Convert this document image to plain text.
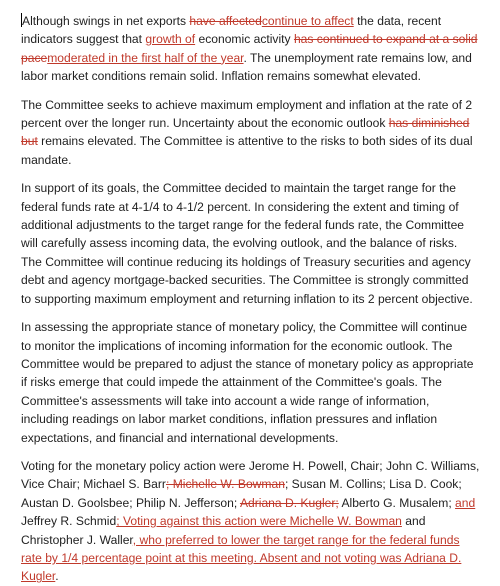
Although swings in net exports have affectedcontinue to affect the data, recent indicators suggest that growth of economic activity has continued to expand at a solid pacemoderated in the first half of the year. The unemployment rate remains low, and labor market conditions remain solid. Inflation remains somewhat elevated.

The Committee seeks to achieve maximum employment and inflation at the rate of 2 percent over the longer run. Uncertainty about the economic outlook has diminished but remains elevated. The Committee is attentive to the risks to both sides of its dual mandate.

In support of its goals, the Committee decided to maintain the target range for the federal funds rate at 4-1/4 to 4-1/2 percent. In considering the extent and timing of additional adjustments to the target range for the federal funds rate, the Committee will carefully assess incoming data, the evolving outlook, and the balance of risks. The Committee will continue reducing its holdings of Treasury securities and agency debt and agency mortgage-backed securities. The Committee is strongly committed to supporting maximum employment and returning inflation to its 2 percent objective.

In assessing the appropriate stance of monetary policy, the Committee will continue to monitor the implications of incoming information for the economic outlook. The Committee would be prepared to adjust the stance of monetary policy as appropriate if risks emerge that could impede the attainment of the Committee's goals. The Committee's assessments will take into account a wide range of information, including readings on labor market conditions, inflation pressures and inflation expectations, and financial and international developments.

Voting for the monetary policy action were Jerome H. Powell, Chair; John C. Williams, Vice Chair; Michael S. Barr; Michelle W. Bowman; Susan M. Collins; Lisa D. Cook; Austan D. Goolsbee; Philip N. Jefferson; Adriana D. Kugler; Alberto G. Musalem; and Jeffrey R. Schmid; Voting against this action were Michelle W. Bowman and Christopher J. Waller, who preferred to lower the target range for the federal funds rate by 1/4 percentage point at this meeting. Absent and not voting was Adriana D. Kugler.
